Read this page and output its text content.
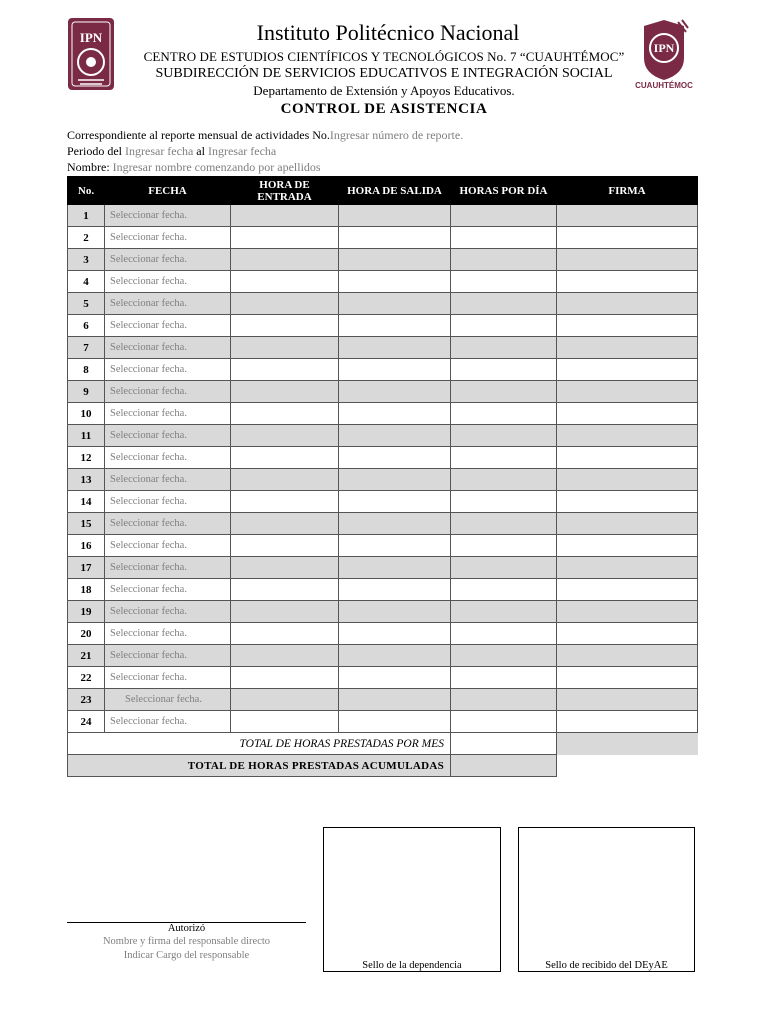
IPN
IPN
CUAUHTÉMOC
Instituto Politécnico Nacional
CENTRO DE ESTUDIOS CIENTÍFICOS Y TECNOLÓGICOS No. 7 “CUAUHTÉMOC”
SUBDIRECCIÓN DE SERVICIOS EDUCATIVOS E INTEGRACIÓN SOCIAL
Departamento de Extensión y Apoyos Educativos.
CONTROL DE ASISTENCIA
Correspondiente al reporte mensual de actividades No.Ingresar número de reporte.
Periodo del Ingresar fecha al Ingresar fecha
Nombre: Ingresar nombre comenzando por apellidos
No.	FECHA	HORA DE ENTRADA	HORA DE SALIDA	HORAS POR DÍA	FIRMA
1	Seleccionar fecha.				
2	Seleccionar fecha.				
3	Seleccionar fecha.				
4	Seleccionar fecha.				
5	Seleccionar fecha.				
6	Seleccionar fecha.				
7	Seleccionar fecha.				
8	Seleccionar fecha.				
9	Seleccionar fecha.				
10	Seleccionar fecha.				
11	Seleccionar fecha.				
12	Seleccionar fecha.				
13	Seleccionar fecha.				
14	Seleccionar fecha.				
15	Seleccionar fecha.				
16	Seleccionar fecha.				
17	Seleccionar fecha.				
18	Seleccionar fecha.				
19	Seleccionar fecha.				
20	Seleccionar fecha.				
21	Seleccionar fecha.				
22	Seleccionar fecha.				
23	Seleccionar fecha.				
24	Seleccionar fecha.				
TOTAL DE HORAS PRESTADAS POR MES					
TOTAL DE HORAS PRESTADAS ACUMULADAS					
Autorizó
Nombre y firma del responsable directo
Indicar Cargo del responsable
Sello de la dependencia	Sello de recibido del DEyAE
